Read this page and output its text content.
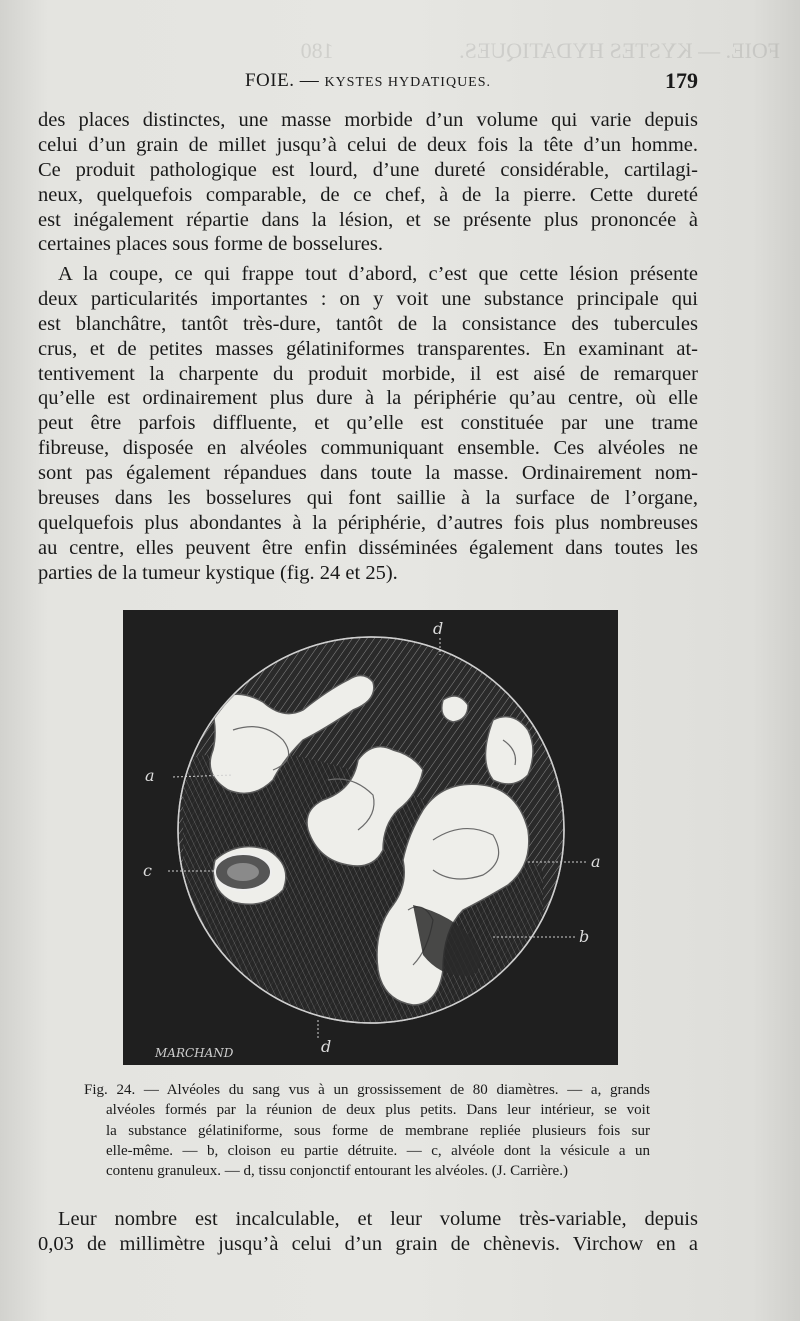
FOIE. — KYSTES HYDATIQUES. 180
FOIE. — KYSTES HYDATIQUES.	179
des places distinctes, une masse morbide d’un volume qui varie depuis
celui d’un grain de millet jusqu’à celui de deux fois la tête d’un homme.
Ce produit pathologique est lourd, d’une dureté considérable, cartilagi-
neux, quelquefois comparable, de ce chef, à de la pierre. Cette dureté
est inégalement répartie dans la lésion, et se présente plus prononcée à
certaines places sous forme de bosselures.
A la coupe, ce qui frappe tout d’abord, c’est que cette lésion présente
deux particularités importantes : on y voit une substance principale qui
est blanchâtre, tantôt très-dure, tantôt de la consistance des tubercules
crus, et de petites masses gélatiniformes transparentes. En examinant at-
tentivement la charpente du produit morbide, il est aisé de remarquer
qu’elle est ordinairement plus dure à la périphérie qu’au centre, où elle
peut être parfois diffluente, et qu’elle est constituée par une trame
fibreuse, disposée en alvéoles communiquant ensemble. Ces alvéoles ne
sont pas également répandues dans toute la masse. Ordinairement nom-
breuses dans les bosselures qui font saillie à la surface de l’organe,
quelquefois plus abondantes à la périphérie, d’autres fois plus nombreuses
au centre, elles peuvent être enfin disséminées également dans toutes les
parties de la tumeur kystique (fig. 24 et 25).
d
a
c	a
b
d
MARCHAND
Fig. 24. — Alvéoles du sang vus à un grossissement de 80 diamètres. — a, grands
alvéoles formés par la réunion de deux plus petits. Dans leur intérieur, se voit
la substance gélatiniforme, sous forme de membrane repliée plusieurs fois sur
elle-même. — b, cloison eu partie détruite. — c, alvéole dont la vésicule a un
contenu granuleux. — d, tissu conjonctif entourant les alvéoles. (J. Carrière.)
Leur nombre est incalculable, et leur volume très-variable, depuis
0,03 de millimètre jusqu’à celui d’un grain de chènevis. Virchow en a
